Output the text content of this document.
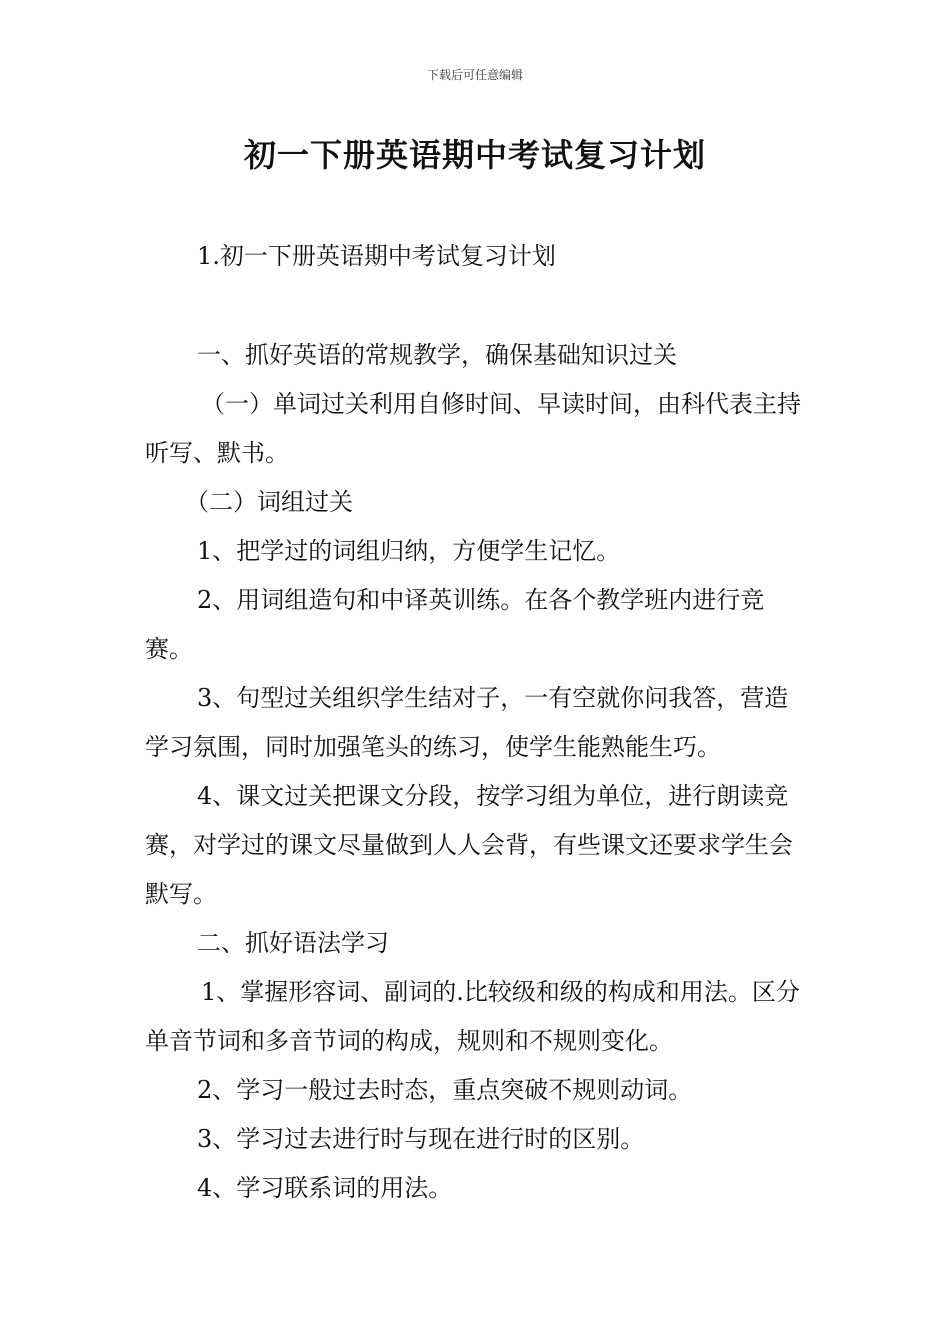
下载后可任意编辑
初一下册英语期中考试复习计划

1.初一下册英语期中考试复习计划

一、抓好英语的常规教学，确保基础知识过关

（一）单词过关利用自修时间、早读时间，由科代表主持听写、默书。

（二）词组过关

1、把学过的词组归纳，方便学生记忆。

2、用词组造句和中译英训练。在各个教学班内进行竞赛。

3、句型过关组织学生结对子，一有空就你问我答，营造学习氛围，同时加强笔头的练习，使学生能熟能生巧。

4、课文过关把课文分段，按学习组为单位，进行朗读竞赛，对学过的课文尽量做到人人会背，有些课文还要求学生会默写。

二、抓好语法学习

1、掌握形容词、副词的.比较级和级的构成和用法。区分单音节词和多音节词的构成，规则和不规则变化。

2、学习一般过去时态，重点突破不规则动词。

3、学习过去进行时与现在进行时的区别。

4、学习联系词的用法。
